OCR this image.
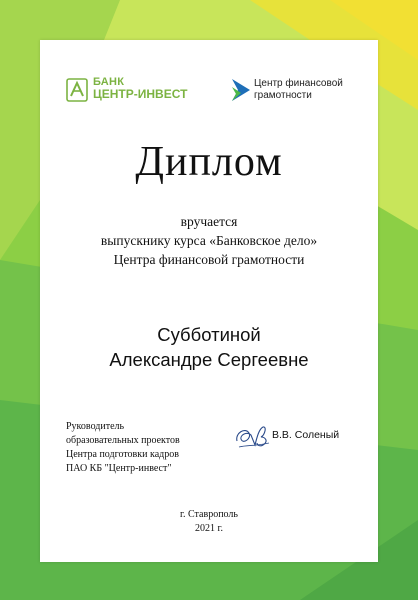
БАНК
ЦЕНТР-ИНВЕСТ
Центр финансовой
грамотности
Диплом
вручается
выпускнику курса «Банковское дело»
Центра финансовой грамотности
Субботиной
Александре Сергеевне
Руководитель
образовательных проектов
Центра подготовки кадров
ПАО КБ "Центр-инвест"
В.В. Соленый
г. Ставрополь
2021 г.
